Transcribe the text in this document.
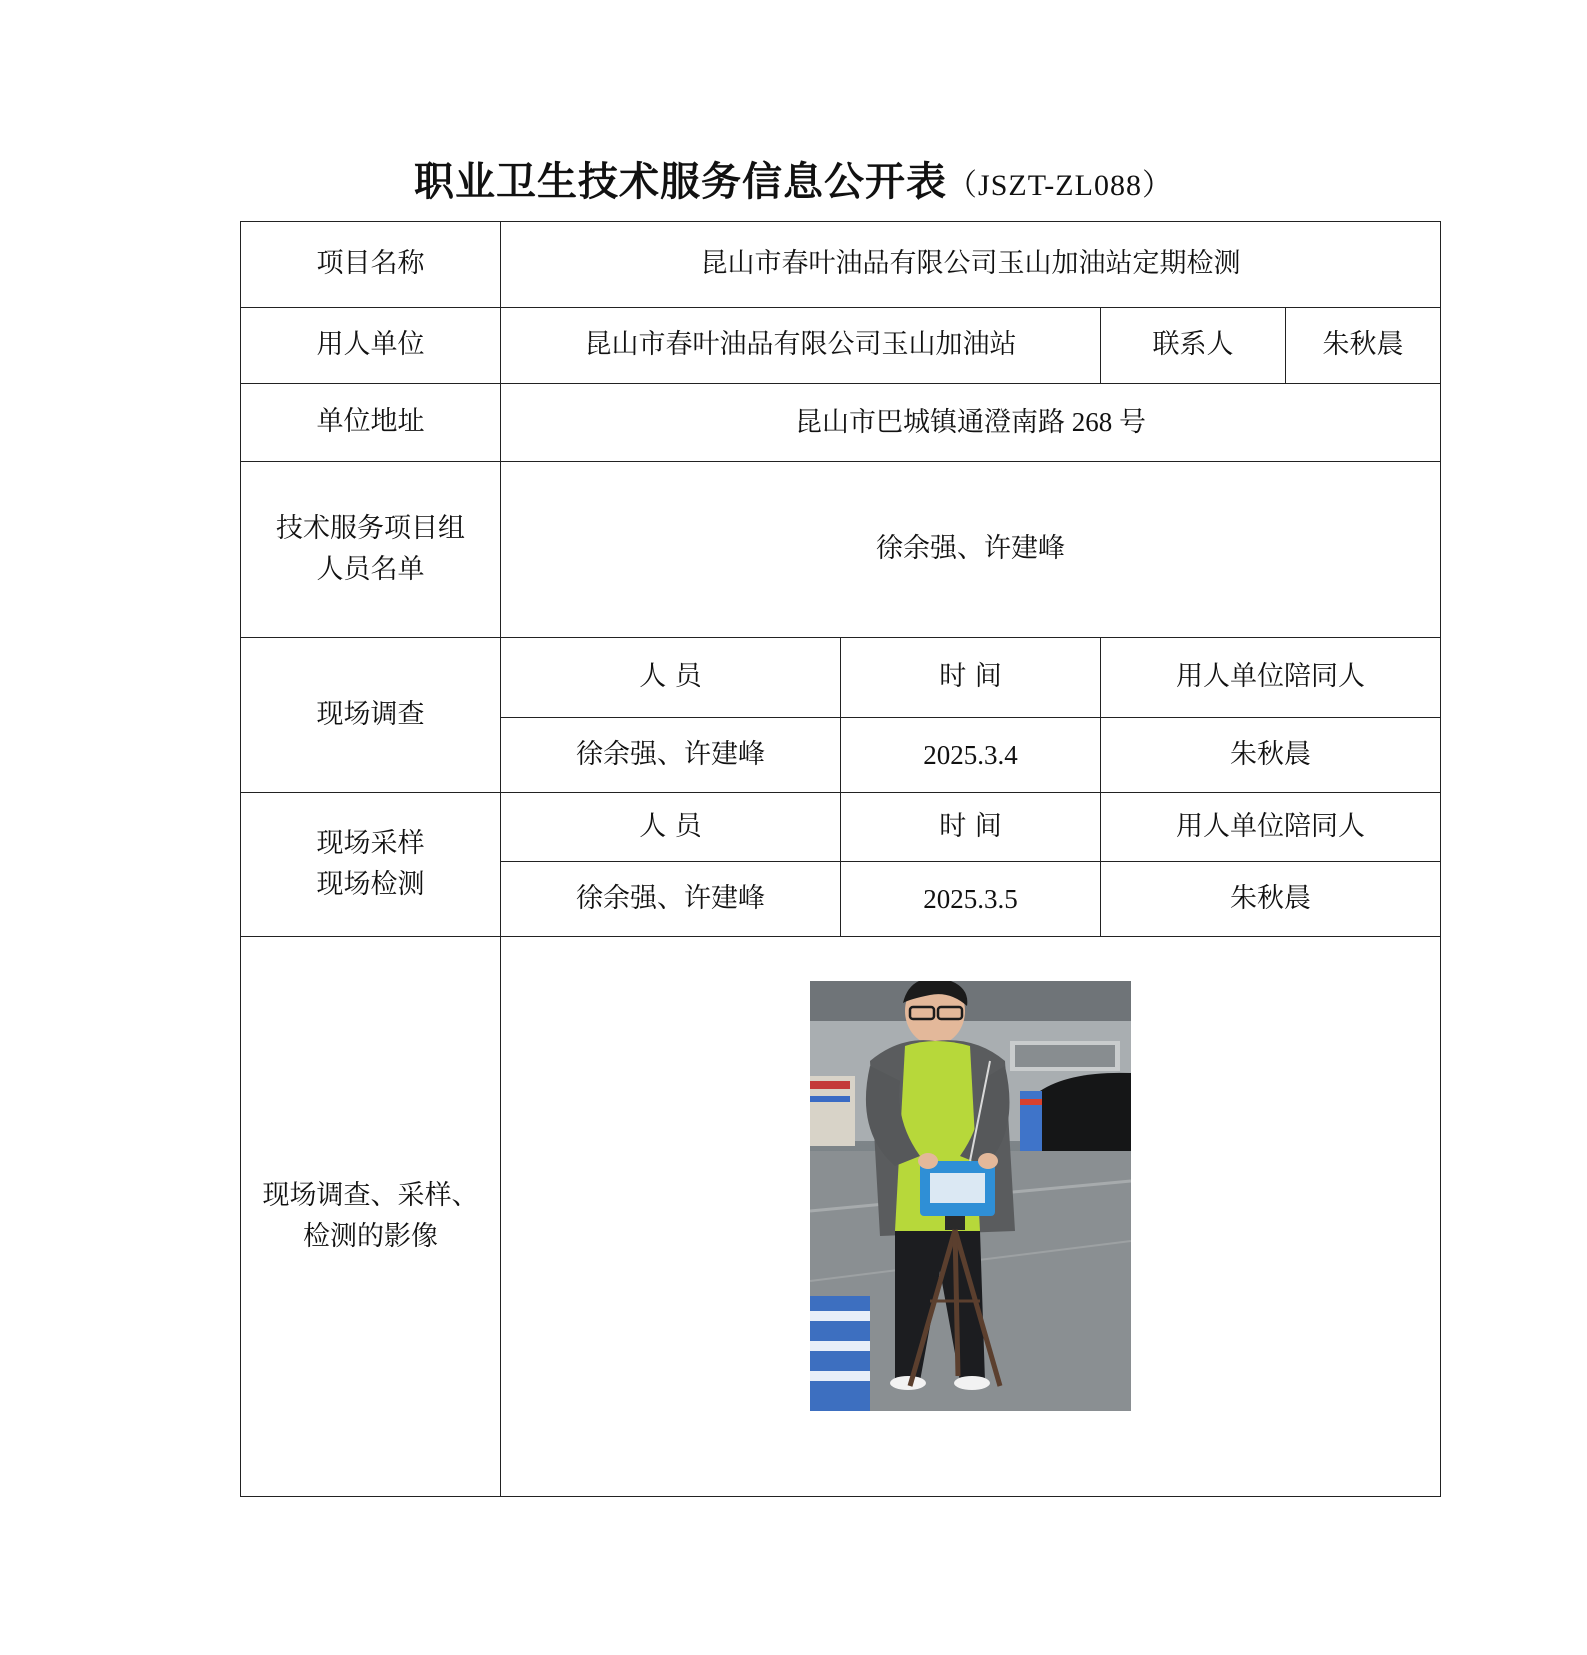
职业卫生技术服务信息公开表（JSZT-ZL088）
项目名称	昆山市春叶油品有限公司玉山加油站定期检测			
用人单位	昆山市春叶油品有限公司玉山加油站		联系人	朱秋晨
单位地址	昆山市巴城镇通澄南路 268 号			

技术服务项目组
人员名单	徐余强、许建峰			
现场调查	人 员	时 间	用人单位陪同人	
	徐余强、许建峰	2025.3.4	朱秋晨	

现场采样
现场检测	人 员	时 间	用人单位陪同人	
	徐余强、许建峰	2025.3.5	朱秋晨	

现场调查、采样、
检测的影像
